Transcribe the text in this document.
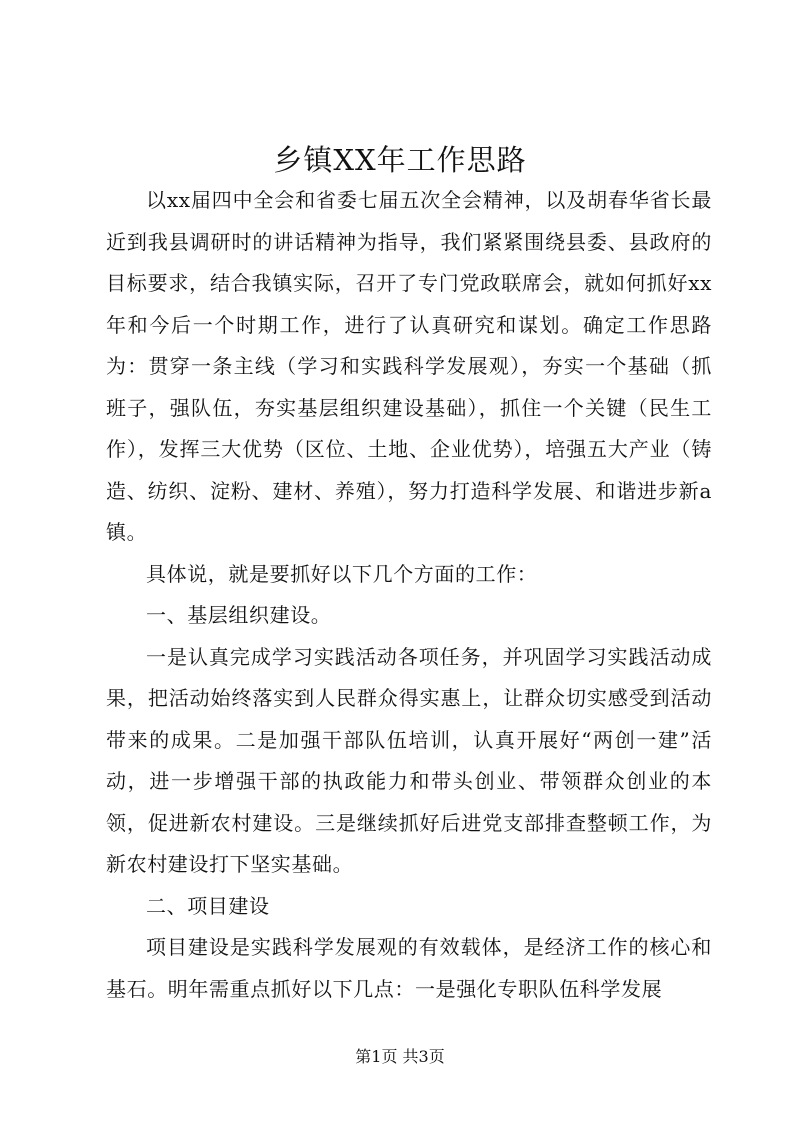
乡镇XX年工作思路

以xx届四中全会和省委七届五次全会精神，以及胡春华省长最近到我县调研时的讲话精神为指导，我们紧紧围绕县委、县政府的目标要求，结合我镇实际，召开了专门党政联席会，就如何抓好xx年和今后一个时期工作，进行了认真研究和谋划。确定工作思路为：贯穿一条主线（学习和实践科学发展观），夯实一个基础（抓班子，强队伍，夯实基层组织建设基础），抓住一个关键（民生工作），发挥三大优势（区位、土地、企业优势），培强五大产业（铸造、纺织、淀粉、建材、养殖），努力打造科学发展、和谐进步新a镇。

具体说，就是要抓好以下几个方面的工作：

一、基层组织建设。

一是认真完成学习实践活动各项任务，并巩固学习实践活动成果，把活动始终落实到人民群众得实惠上，让群众切实感受到活动带来的成果。二是加强干部队伍培训，认真开展好“两创一建”活动，进一步增强干部的执政能力和带头创业、带领群众创业的本领，促进新农村建设。三是继续抓好后进党支部排查整顿工作，为新农村建设打下坚实基础。

二、项目建设

项目建设是实践科学发展观的有效载体，是经济工作的核心和基石。明年需重点抓好以下几点：一是强化专职队伍科学发展

第1页 共3页
